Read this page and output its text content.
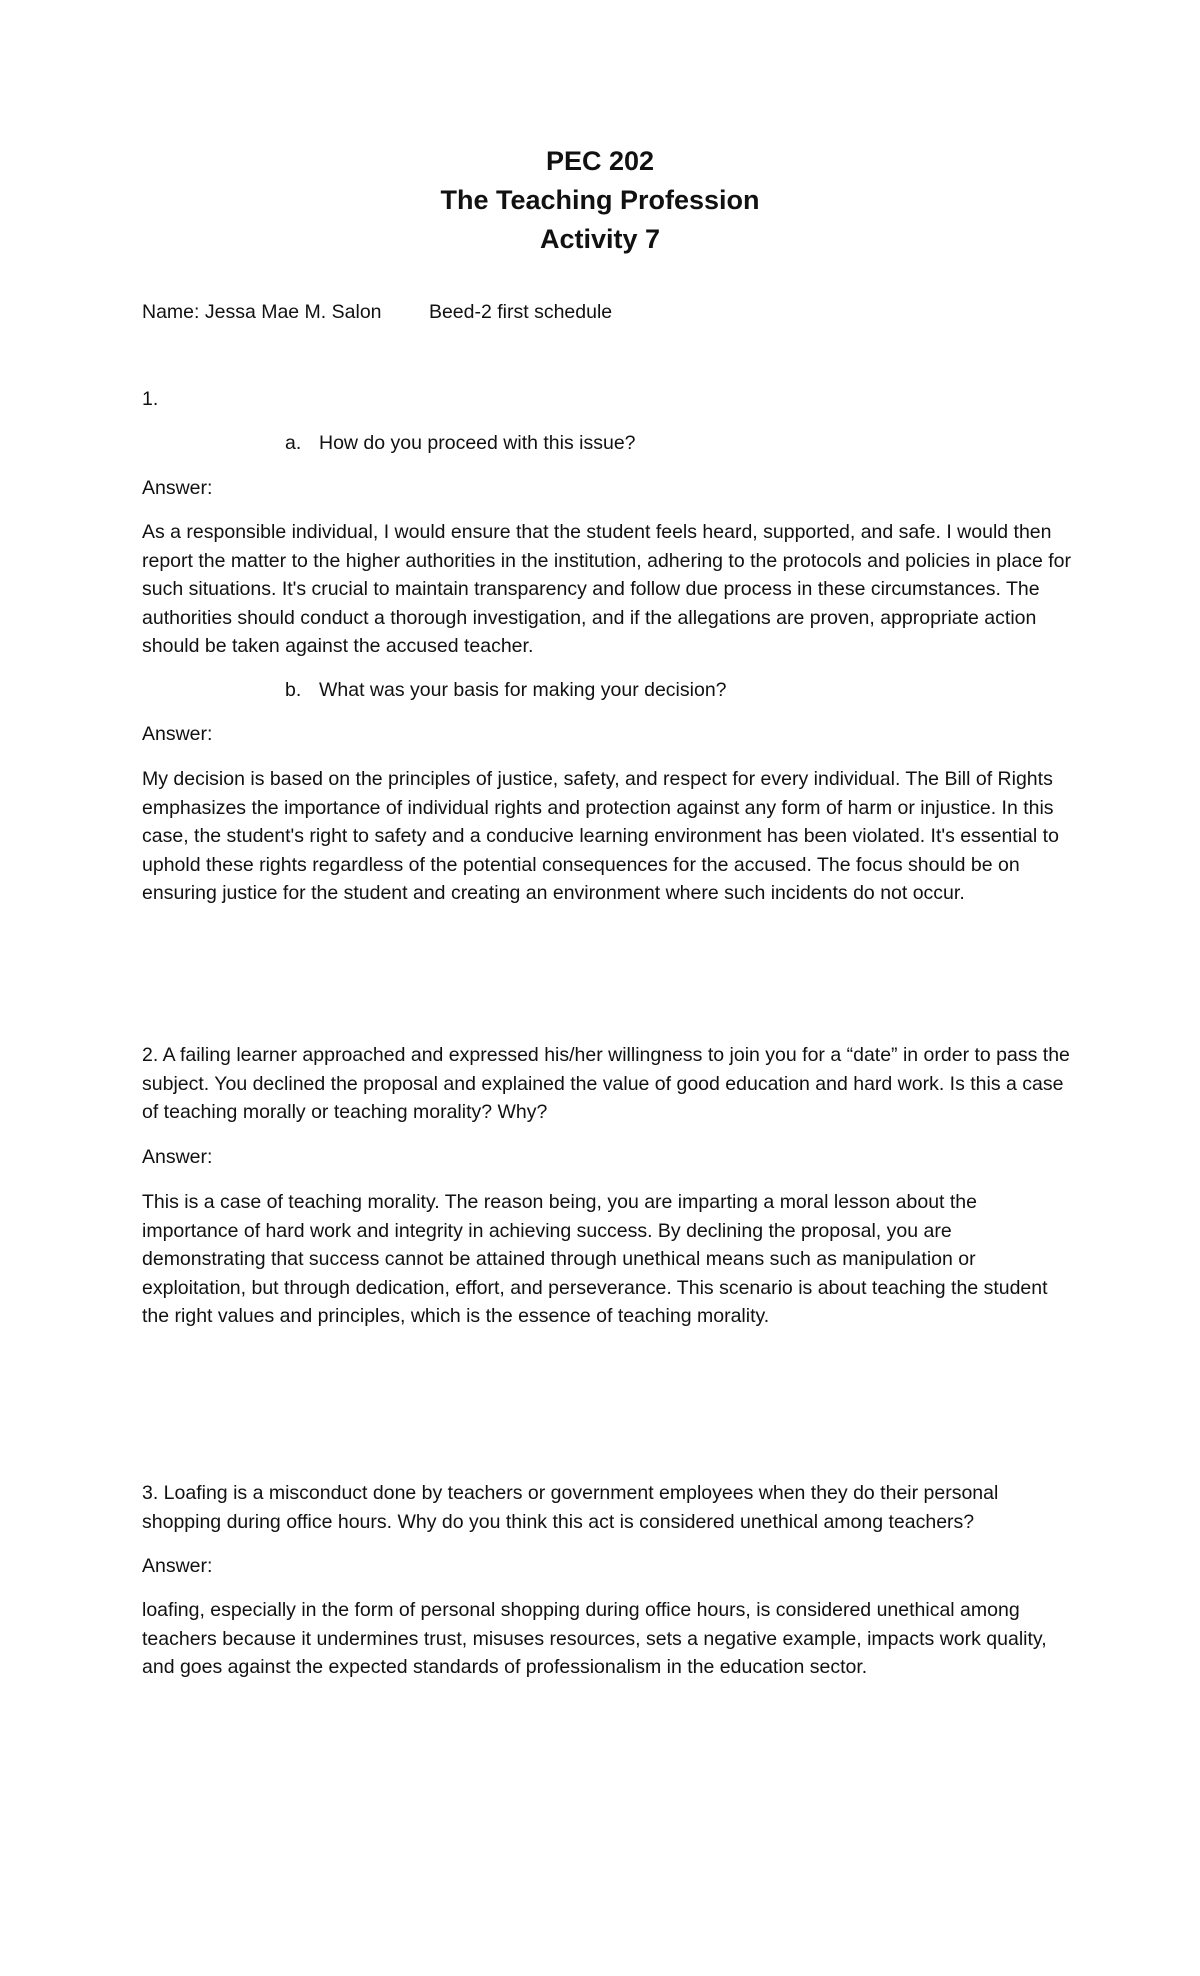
PEC 202
The Teaching Profession
Activity 7
Name: Jessa Mae M. Salon Beed-2 first schedule
1.
a. How do you proceed with this issue?
Answer:
As a responsible individual, I would ensure that the student feels heard, supported, and safe. I would then report the matter to the higher authorities in the institution, adhering to the protocols and policies in place for such situations. It's crucial to maintain transparency and follow due process in these circumstances. The authorities should conduct a thorough investigation, and if the allegations are proven, appropriate action should be taken against the accused teacher.
b. What was your basis for making your decision?
Answer:
My decision is based on the principles of justice, safety, and respect for every individual. The Bill of Rights emphasizes the importance of individual rights and protection against any form of harm or injustice. In this case, the student's right to safety and a conducive learning environment has been violated. It's essential to uphold these rights regardless of the potential consequences for the accused. The focus should be on ensuring justice for the student and creating an environment where such incidents do not occur.
2. A failing learner approached and expressed his/her willingness to join you for a “date” in order to pass the subject. You declined the proposal and explained the value of good education and hard work. Is this a case of teaching morally or teaching morality? Why?
Answer:
This is a case of teaching morality. The reason being, you are imparting a moral lesson about the importance of hard work and integrity in achieving success. By declining the proposal, you are demonstrating that success cannot be attained through unethical means such as manipulation or exploitation, but through dedication, effort, and perseverance. This scenario is about teaching the student the right values and principles, which is the essence of teaching morality.
3. Loafing is a misconduct done by teachers or government employees when they do their personal shopping during office hours. Why do you think this act is considered unethical among teachers?
Answer:
loafing, especially in the form of personal shopping during office hours, is considered unethical among teachers because it undermines trust, misuses resources, sets a negative example, impacts work quality, and goes against the expected standards of professionalism in the education sector.
